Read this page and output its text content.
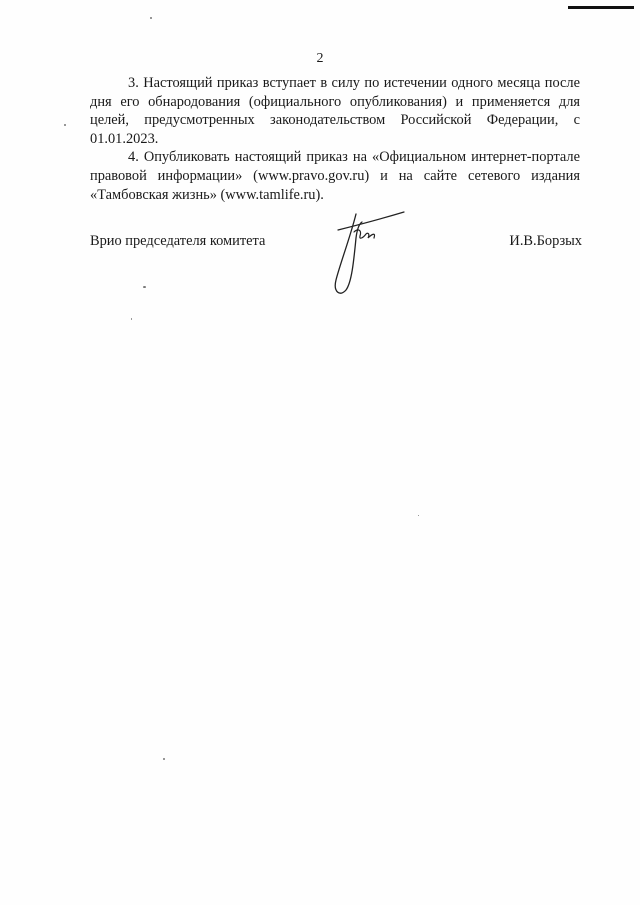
2

3. Настоящий приказ вступает в силу по истечении одного месяца после дня его обнародования (официального опубликования) и применяется для целей, предусмотренных законодательством Российской Федерации, с 01.01.2023.

4. Опубликовать настоящий приказ на «Официальном интернет-портале правовой информации» (www.pravo.gov.ru) и на сайте сетевого издания «Тамбовская жизнь» (www.tamlife.ru).

Врио председателя комитета	И.В.Борзых
